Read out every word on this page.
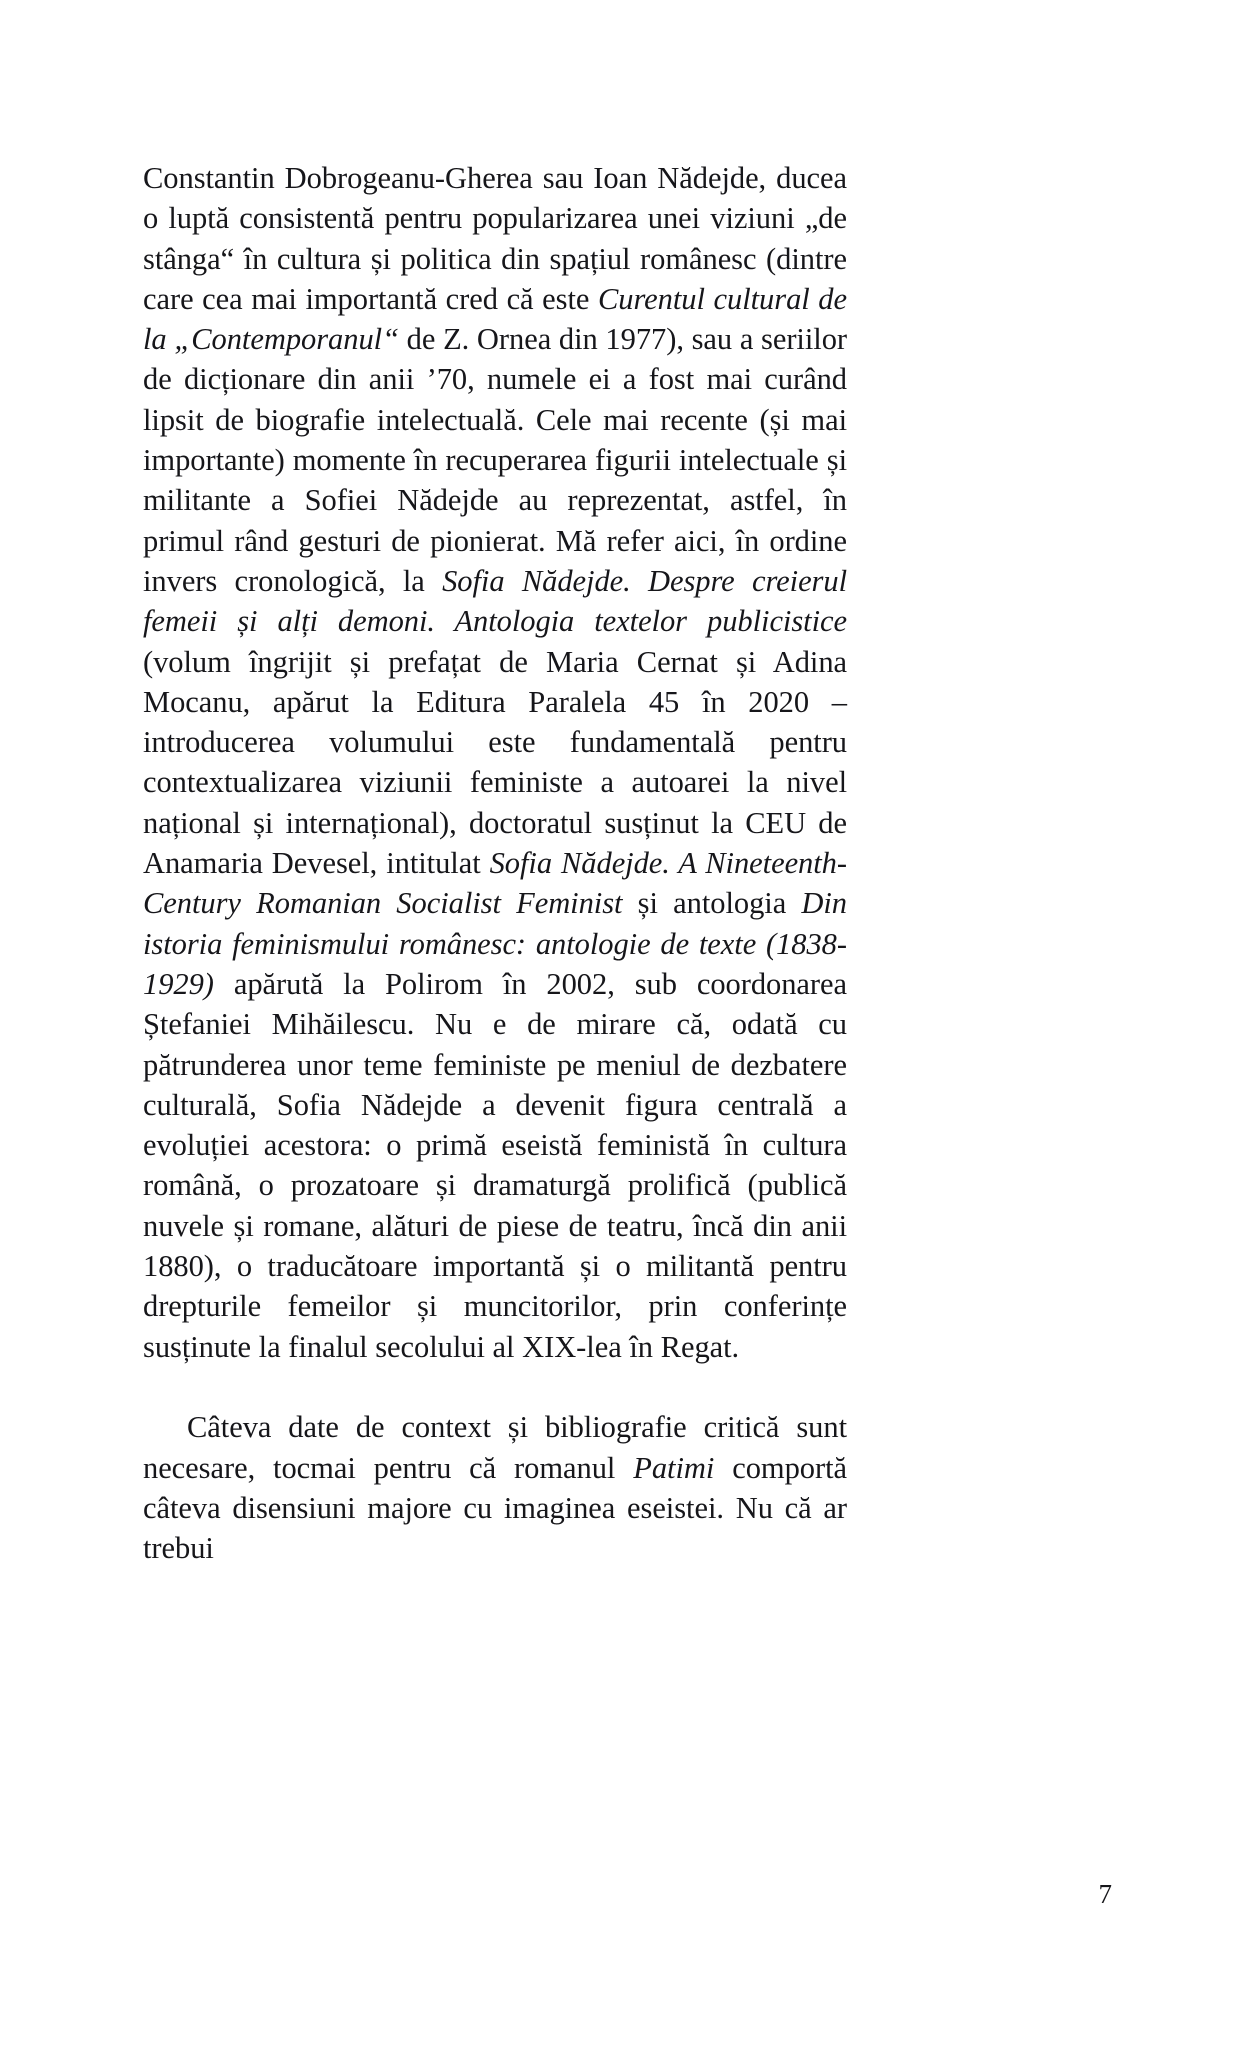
Constantin Dobrogeanu-Gherea sau Ioan Nădejde, ducea o luptă consistentă pentru popularizarea unei viziuni „de stânga“ în cultura și politica din spațiul românesc (dintre care cea mai importantă cred că este Curentul cultural de la „Contemporanul“ de Z. Ornea din 1977), sau a seriilor de dicționare din anii ’70, numele ei a fost mai curând lipsit de biografie intelectuală. Cele mai recente (și mai importante) momente în recuperarea figurii intelectuale și militante a Sofiei Nădejde au reprezentat, astfel, în primul rând gesturi de pionierat. Mă refer aici, în ordine invers cronologică, la Sofia Nădejde. Despre creierul femeii și alți demoni. Antologia textelor publicistice (volum îngrijit și prefațat de Maria Cernat și Adina Mocanu, apărut la Editura Paralela 45 în 2020 – introducerea volumului este fundamentală pentru contextualizarea viziunii feministe a autoarei la nivel național și internațional), doctoratul susținut la CEU de Anamaria Devesel, intitulat Sofia Nădejde. A Nineteenth-Century Romanian Socialist Feminist și antologia Din istoria feminismului românesc: antologie de texte (1838-1929) apărută la Polirom în 2002, sub coordonarea Ștefaniei Mihăilescu. Nu e de mirare că, odată cu pătrunderea unor teme feministe pe meniul de dezbatere culturală, Sofia Nădejde a devenit figura centrală a evoluției acestora: o primă eseistă feministă în cultura română, o prozatoare și dramaturgă prolifică (publică nuvele și romane, alături de piese de teatru, încă din anii 1880), o traducătoare importantă și o militantă pentru drepturile femeilor și muncitorilor, prin conferințe susținute la finalul secolului al XIX-lea în Regat.

Câteva date de context și bibliografie critică sunt necesare, tocmai pentru că romanul Patimi comportă câteva disensiuni majore cu imaginea eseistei. Nu că ar trebui

7
